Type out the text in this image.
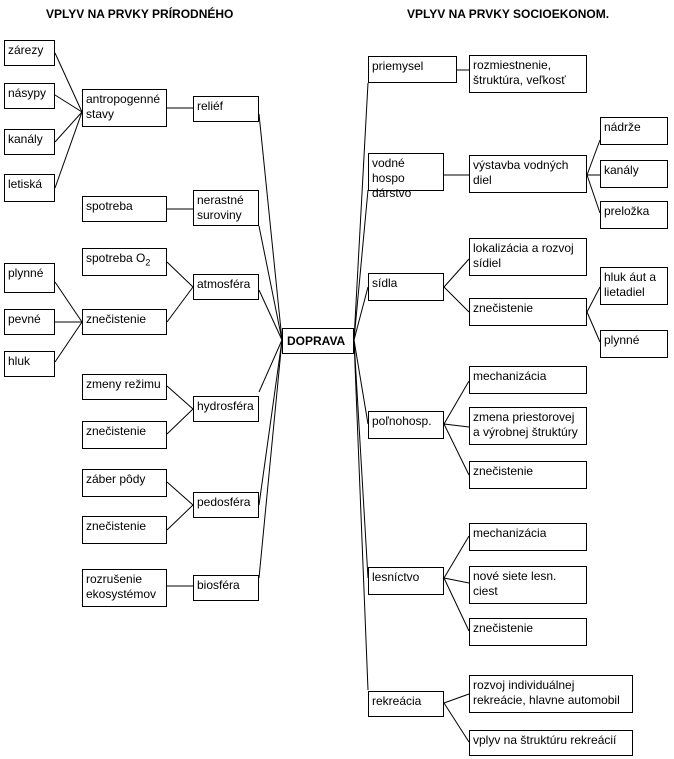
VPLYV NA PRVKY PRÍRODNÉHO	VPLYV NA PRVKY SOCIOEKONOM.
zárezy
násypy
kanály
letiská
antropogenné
stavy
reliéf
spotreba	nerastné
suroviny
spotreba $O_2$
atmosféra
plynné
pevné
hluk
znečistenie
zmeny režimu
znečistenie
hydrosféra
záber pôdy
znečistenie
pedosféra
rozrušenie
ekosystémov
biosféra
DOPRAVA
priemysel	rozmiestnenie,
štruktúra, veľkosť
vodné hospo
dárstvo
výstavba vodných
diel
nádrže
kanály
preložka
sídla
lokalizácia a rozvoj
sídiel
znečistenie
hluk áut a
lietadiel
plynné
poľnohosp.
mechanizácia
zmena priestorovej
a výrobnej štruktúry
znečistenie
lesníctvo
mechanizácia
nové siete lesn.
ciest
znečistenie
rekreácia
rozvoj individuálnej
rekreácie, hlavne automobil
vplyv na štruktúru rekreácií
